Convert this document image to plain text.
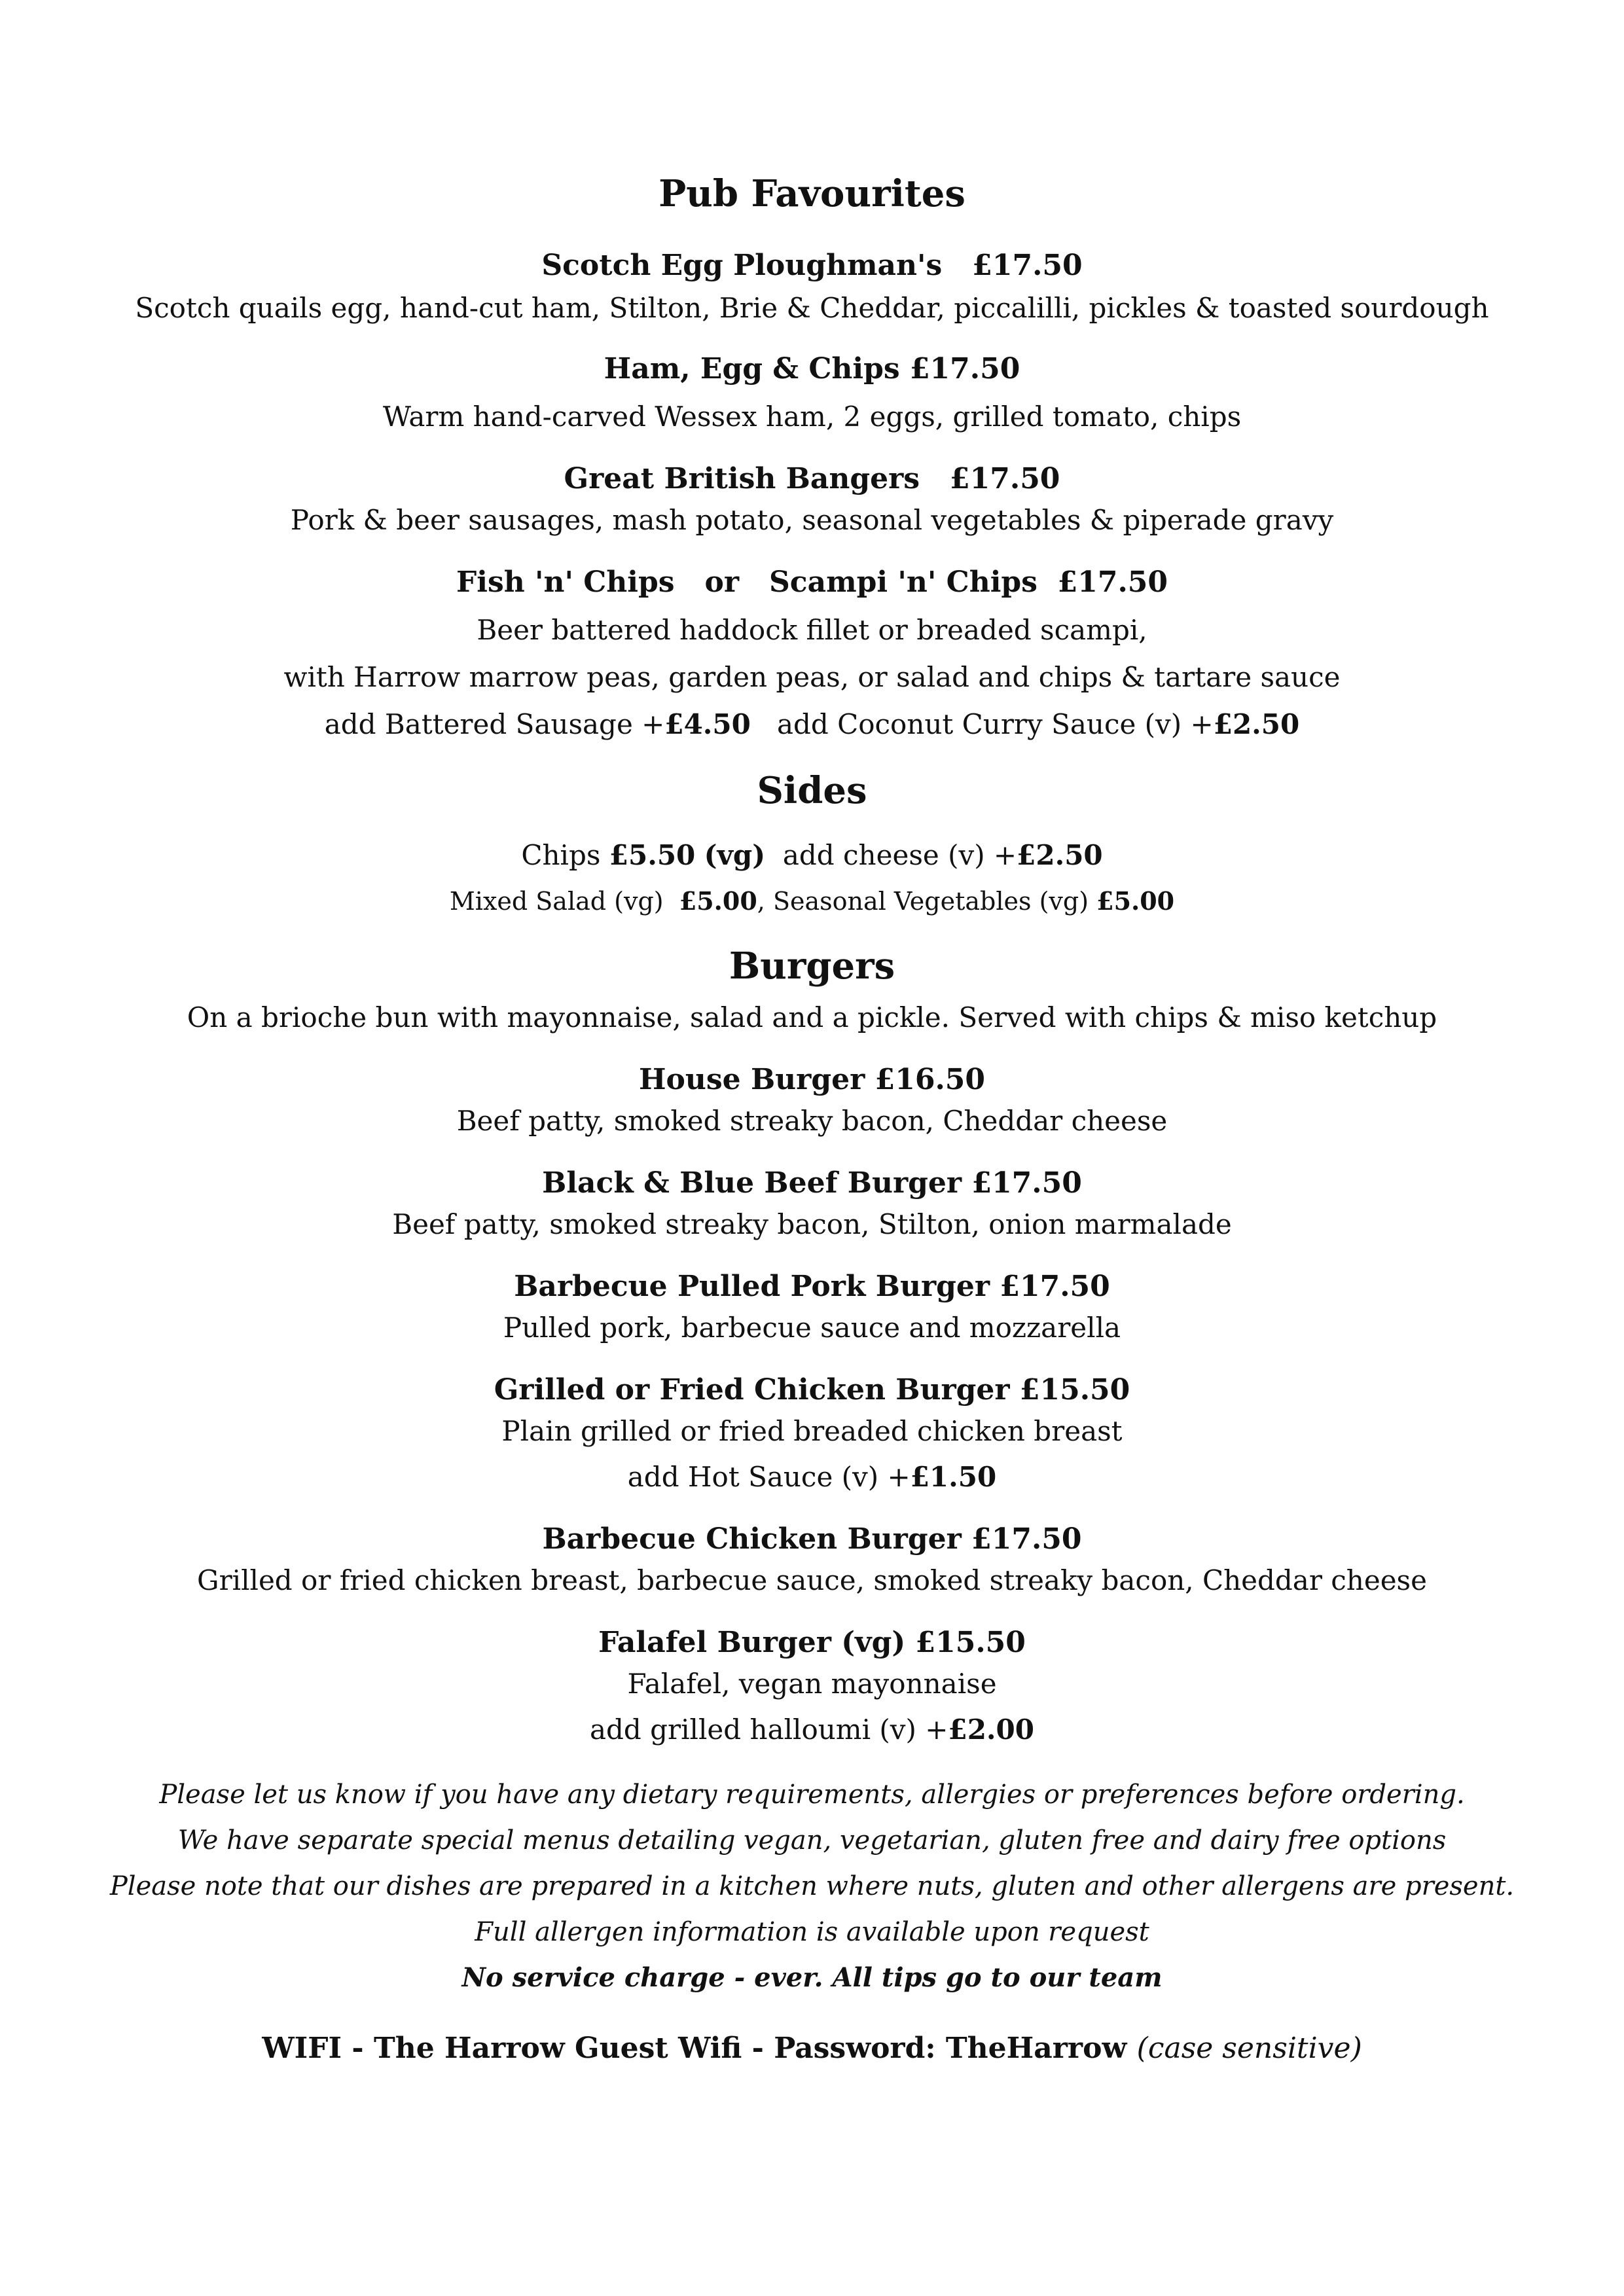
Pub Favourites
Scotch Egg Ploughman's £17.50
Scotch quails egg, hand-cut ham, Stilton, Brie & Cheddar, piccalilli, pickles & toasted sourdough
Ham, Egg & Chips £17.50
Warm hand-carved Wessex ham, 2 eggs, grilled tomato, chips
Great British Bangers £17.50
Pork & beer sausages, mash potato, seasonal vegetables & piperade gravy
Fish 'n' Chips or Scampi 'n' Chips £17.50
Beer battered haddock fillet or breaded scampi,
with Harrow marrow peas, garden peas, or salad and chips & tartare sauce
add Battered Sausage +£4.50 add Coconut Curry Sauce (v) +£2.50
Sides
Chips £5.50 (vg) add cheese (v) +£2.50
Mixed Salad (vg) £5.00, Seasonal Vegetables (vg) £5.00
Burgers
On a brioche bun with mayonnaise, salad and a pickle. Served with chips & miso ketchup
House Burger £16.50
Beef patty, smoked streaky bacon, Cheddar cheese
Black & Blue Beef Burger £17.50
Beef patty, smoked streaky bacon, Stilton, onion marmalade
Barbecue Pulled Pork Burger £17.50
Pulled pork, barbecue sauce and mozzarella
Grilled or Fried Chicken Burger £15.50
Plain grilled or fried breaded chicken breast
add Hot Sauce (v) +£1.50
Barbecue Chicken Burger £17.50
Grilled or fried chicken breast, barbecue sauce, smoked streaky bacon, Cheddar cheese
Falafel Burger (vg) £15.50
Falafel, vegan mayonnaise
add grilled halloumi (v) +£2.00
Please let us know if you have any dietary requirements, allergies or preferences before ordering.
We have separate special menus detailing vegan, vegetarian, gluten free and dairy free options
Please note that our dishes are prepared in a kitchen where nuts, gluten and other allergens are present.
Full allergen information is available upon request
No service charge - ever. All tips go to our team
WIFI - The Harrow Guest Wifi - Password: TheHarrow (case sensitive)
